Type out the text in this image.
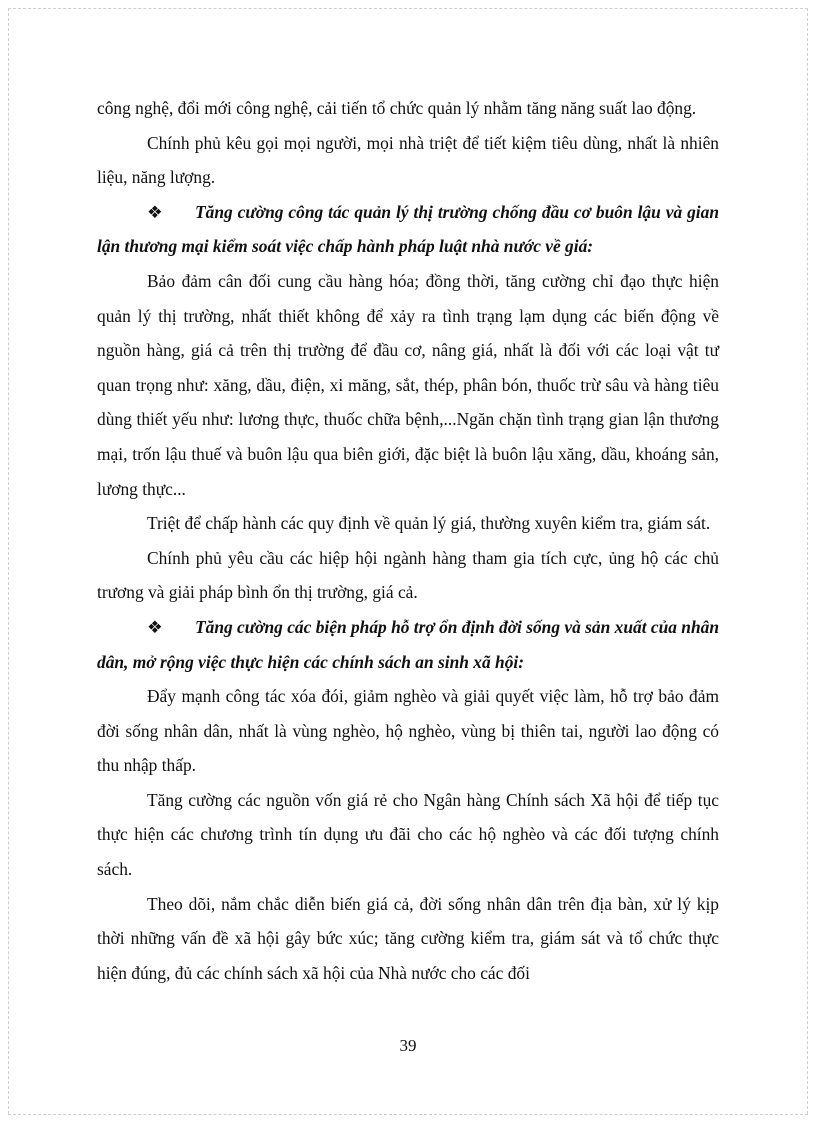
công nghệ, đổi mới công nghệ, cải tiến tổ chức quản lý nhằm tăng năng suất lao động.

Chính phủ kêu gọi mọi người, mọi nhà triệt để tiết kiệm tiêu dùng, nhất là nhiên liệu, năng lượng.

❖ Tăng cường công tác quản lý thị trường chống đầu cơ buôn lậu và gian lận thương mại kiểm soát việc chấp hành pháp luật nhà nước về giá:

Bảo đảm cân đối cung cầu hàng hóa; đồng thời, tăng cường chỉ đạo thực hiện quản lý thị trường, nhất thiết không để xảy ra tình trạng lạm dụng các biến động về nguồn hàng, giá cả trên thị trường để đầu cơ, nâng giá, nhất là đối với các loại vật tư quan trọng như: xăng, dầu, điện, xi măng, sắt, thép, phân bón, thuốc trừ sâu và hàng tiêu dùng thiết yếu như: lương thực, thuốc chữa bệnh,...Ngăn chặn tình trạng gian lận thương mại, trốn lậu thuế và buôn lậu qua biên giới, đặc biệt là buôn lậu xăng, dầu, khoáng sản, lương thực...

Triệt để chấp hành các quy định về quản lý giá, thường xuyên kiểm tra, giám sát.

Chính phủ yêu cầu các hiệp hội ngành hàng tham gia tích cực, ủng hộ các chủ trương và giải pháp bình ổn thị trường, giá cả.

❖ Tăng cường các biện pháp hỗ trợ ổn định đời sống và sản xuất của nhân dân, mở rộng việc thực hiện các chính sách an sinh xã hội:

Đẩy mạnh công tác xóa đói, giảm nghèo và giải quyết việc làm, hỗ trợ bảo đảm đời sống nhân dân, nhất là vùng nghèo, hộ nghèo, vùng bị thiên tai, người lao động có thu nhập thấp.

Tăng cường các nguồn vốn giá rẻ cho Ngân hàng Chính sách Xã hội để tiếp tục thực hiện các chương trình tín dụng ưu đãi cho các hộ nghèo và các đối tượng chính sách.

Theo dõi, nắm chắc diễn biến giá cả, đời sống nhân dân trên địa bàn, xử lý kịp thời những vấn đề xã hội gây bức xúc; tăng cường kiểm tra, giám sát và tổ chức thực hiện đúng, đủ các chính sách xã hội của Nhà nước cho các đối

39
